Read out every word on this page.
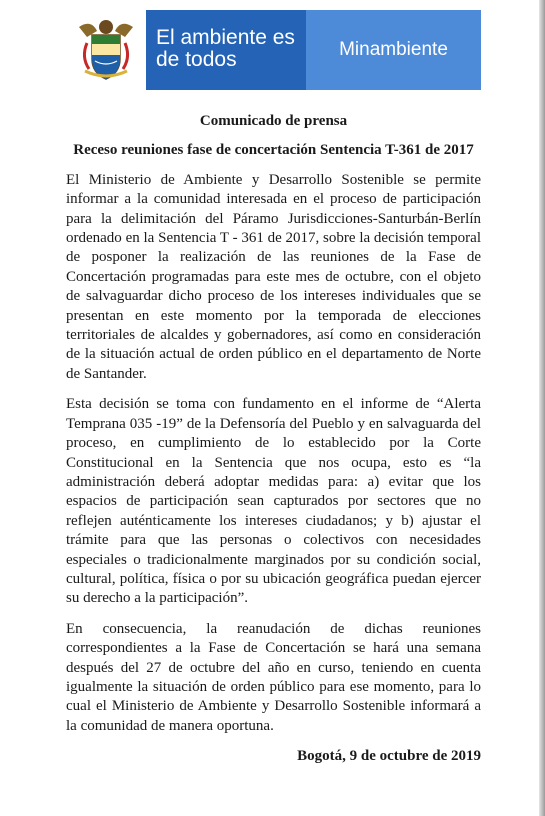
El ambiente es de todos	Minambiente

Comunicado de prensa

Receso reuniones fase de concertación Sentencia T-361 de 2017

El Ministerio de Ambiente y Desarrollo Sostenible se permite informar a la comunidad interesada en el proceso de participación para la delimitación del Páramo Jurisdicciones-Santurbán-Berlín ordenado en la Sentencia T - 361 de 2017, sobre la decisión temporal de posponer la realización de las reuniones de la Fase de Concertación programadas para este mes de octubre, con el objeto de salvaguardar dicho proceso de los intereses individuales que se presentan en este momento por la temporada de elecciones territoriales de alcaldes y gobernadores, así como en consideración de la situación actual de orden público en el departamento de Norte de Santander.

Esta decisión se toma con fundamento en el informe de “Alerta Temprana 035 -19” de la Defensoría del Pueblo y en salvaguarda del proceso, en cumplimiento de lo establecido por la Corte Constitucional en la Sentencia que nos ocupa, esto es “la administración deberá adoptar medidas para: a) evitar que los espacios de participación sean capturados por sectores que no reflejen auténticamente los intereses ciudadanos; y b) ajustar el trámite para que las personas o colectivos con necesidades especiales o tradicionalmente marginados por su condición social, cultural, política, física o por su ubicación geográfica puedan ejercer su derecho a la participación”.

En consecuencia, la reanudación de dichas reuniones correspondientes a la Fase de Concertación se hará una semana después del 27 de octubre del año en curso, teniendo en cuenta igualmente la situación de orden público para ese momento, para lo cual el Ministerio de Ambiente y Desarrollo Sostenible informará a la comunidad de manera oportuna.

Bogotá, 9 de octubre de 2019
